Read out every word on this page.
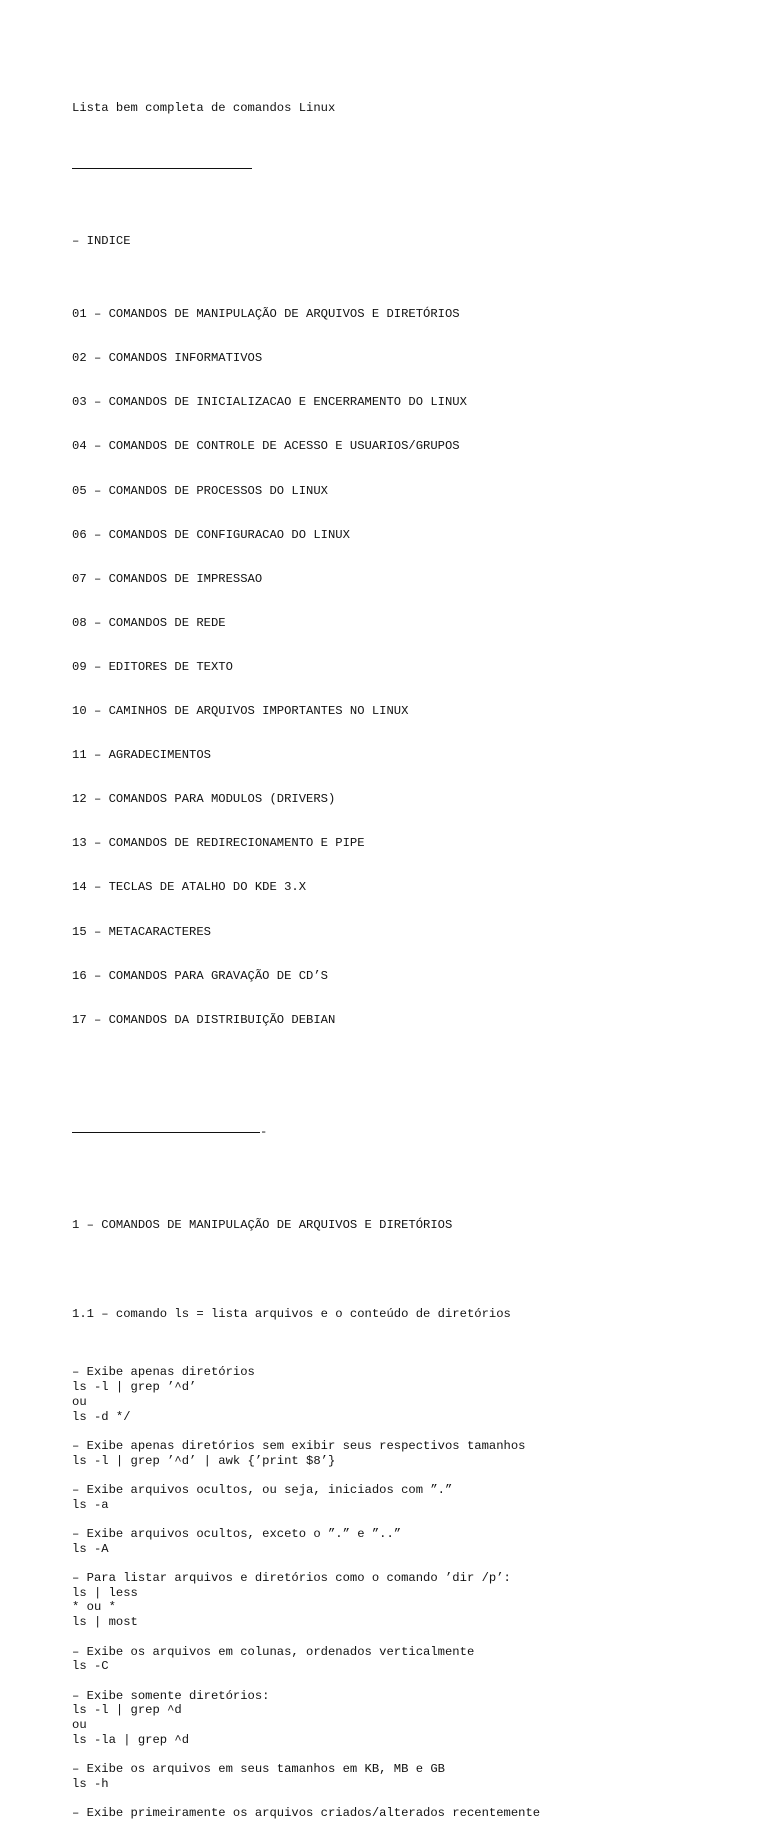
Lista bem completa de comandos Linux

– INDICE

01 – COMANDOS DE MANIPULAÇÃO DE ARQUIVOS E DIRETÓRIOS

02 – COMANDOS INFORMATIVOS

03 – COMANDOS DE INICIALIZACAO E ENCERRAMENTO DO LINUX

04 – COMANDOS DE CONTROLE DE ACESSO E USUARIOS/GRUPOS

05 – COMANDOS DE PROCESSOS DO LINUX

06 – COMANDOS DE CONFIGURACAO DO LINUX

07 – COMANDOS DE IMPRESSAO

08 – COMANDOS DE REDE

09 – EDITORES DE TEXTO

10 – CAMINHOS DE ARQUIVOS IMPORTANTES NO LINUX

11 – AGRADECIMENTOS

12 – COMANDOS PARA MODULOS (DRIVERS)

13 – COMANDOS DE REDIRECIONAMENTO E PIPE

14 – TECLAS DE ATALHO DO KDE 3.X

15 – METACARACTERES

16 – COMANDOS PARA GRAVAÇÃO DE CD’S

17 – COMANDOS DA DISTRIBUIÇÃO DEBIAN

-

1 – COMANDOS DE MANIPULAÇÃO DE ARQUIVOS E DIRETÓRIOS

1.1 – comando ls = lista arquivos e o conteúdo de diretórios

– Exibe apenas diretórios
ls -l | grep ’^d’
ou
ls -d */
– Exibe apenas diretórios sem exibir seus respectivos tamanhos
ls -l | grep ’^d’ | awk {’print $8’}
– Exibe arquivos ocultos, ou seja, iniciados com ”.”
ls -a
– Exibe arquivos ocultos, exceto o ”.” e ”..”
ls -A
– Para listar arquivos e diretórios como o comando ’dir /p’:
ls | less
* ou *
ls | most
– Exibe os arquivos em colunas, ordenados verticalmente
ls -C
– Exibe somente diretórios:
ls -l | grep ^d
ou
ls -la | grep ^d
– Exibe os arquivos em seus tamanhos em KB, MB e GB
ls -h
– Exibe primeiramente os arquivos criados/alterados recentemente
